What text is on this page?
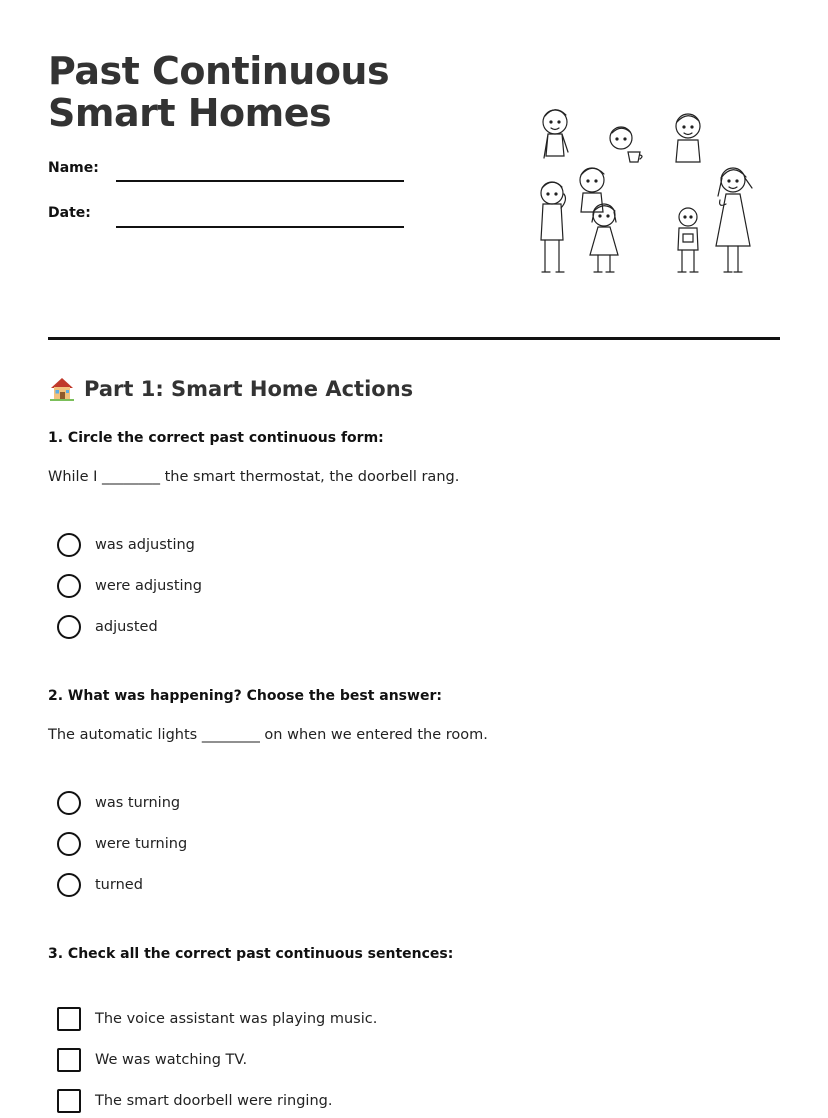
Past Continuous Smart Homes
Name:
Date:
Part 1: Smart Home Actions
1. Circle the correct past continuous form:
While I ________ the smart thermostat, the doorbell rang.
was adjusting
were adjusting
adjusted
2. What was happening? Choose the best answer:
The automatic lights ________ on when we entered the room.
was turning
were turning
turned
3. Check all the correct past continuous sentences:
The voice assistant was playing music.
We was watching TV.
The smart doorbell were ringing.
